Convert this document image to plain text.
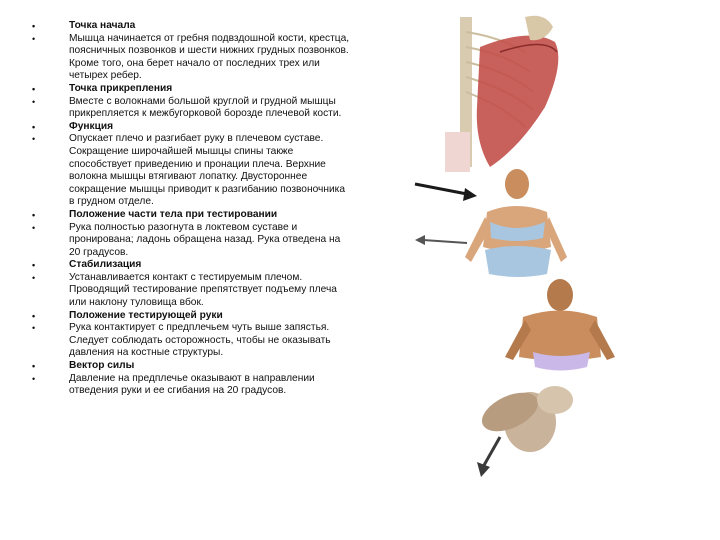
• Точка начала
• Мышца начинается от гребня подвздошной кости, крестца, поясничных позвонков и шести нижних грудных позвонков. Кроме того, она берет начало от последних трех или четырех ребер.
• Точка прикрепления
• Вместе с волокнами большой круглой и грудной мышцы прикрепляется к межбугорковой борозде плечевой кости.
• Функция
• Опускает плечо и разгибает руку в плечевом суставе. Сокращение широчайшей мышцы спины также способствует приведению и пронации плеча. Верхние волокна мышцы втягивают лопатку. Двустороннее сокращение мышцы приводит к разгибанию позвоночника в грудном отделе.
• Положение части тела при тестировании
• Рука полностью разогнута в локтевом суставе и пронирована; ладонь обращена назад. Рука отведена на 20 градусов.
• Стабилизация
• Устанавливается контакт с тестируемым плечом. Проводящий тестирование препятствует подъему плеча или наклону туловища вбок.
• Положение тестирующей руки
• Рука контактирует с предплечьем чуть выше запястья. Следует соблюдать осторожность, чтобы не оказывать давления на костные структуры.
• Вектор силы
• Давление на предплечье оказывают в направлении отведения руки и ее сгибания на 20 градусов.
